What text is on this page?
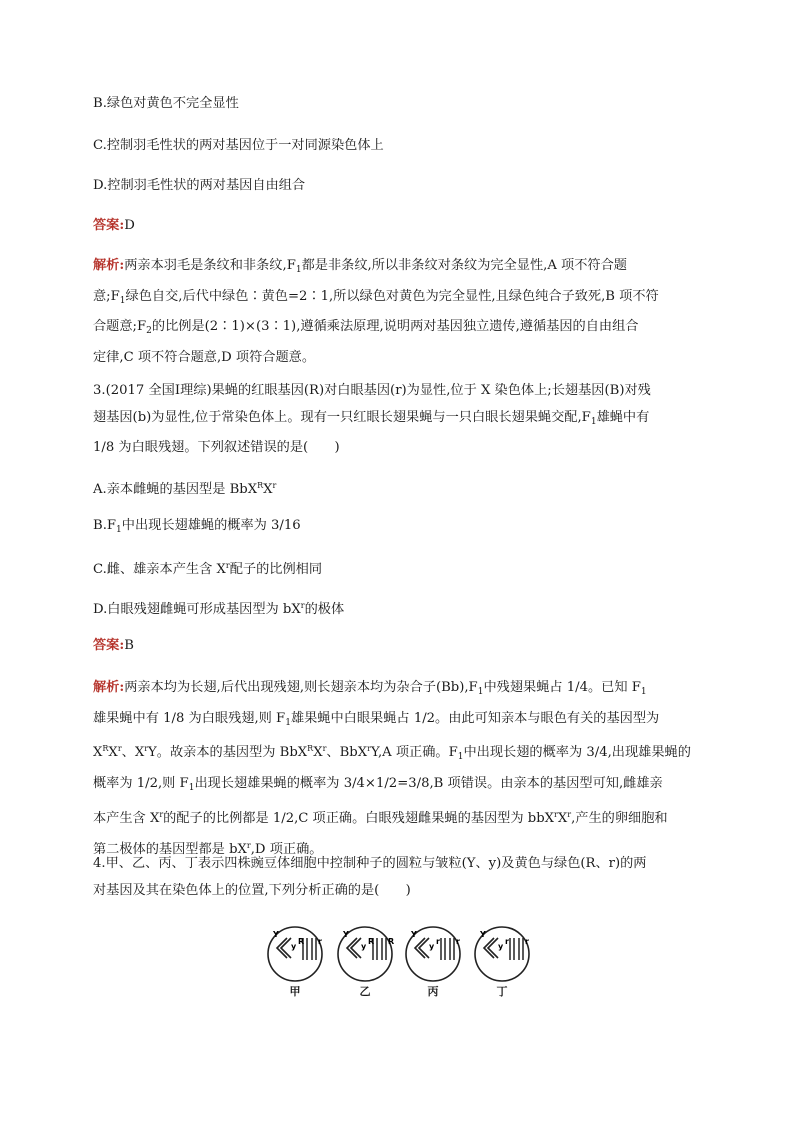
B.绿色对黄色不完全显性

C.控制羽毛性状的两对基因位于一对同源染色体上

D.控制羽毛性状的两对基因自由组合

答案:D

解析:两亲本羽毛是条纹和非条纹$,F_1$都是非条纹,所以非条纹对条纹为完全显性,A 项不符合题
意$;F_1$绿色自交,后代中绿色∶黄色=2∶1,所以绿色对黄色为完全显性,且绿色纯合子致死,B 项不符
合题意$;F_2$的比例是(2∶1)×(3∶1),遵循乘法原理,说明两对基因独立遗传,遵循基因的自由组合
定律,C 项不符合题意,D 项符合题意。
3.(2017 全国Ⅰ理综)果蝇的红眼基因(R)对白眼基因(r)为显性,位于 X 染色体上;长翅基因(B)对残
翅基因(b)为显性,位于常染色体上。现有一只红眼长翅果蝇与一只白眼长翅果蝇交配$,F_1$雄蝇中有
1/8 为白眼残翅。下列叙述错误的是(　　)

A.亲本雌蝇的基因型是 $BbX^RX^r$

$B.F_1$中出现长翅雄蝇的概率为 3/16

C.雌、雄亲本产生含 $X^r$配子的比例相同

D.白眼残翅雌蝇可形成基因型为 $bX^r$的极体

答案:B

解析:两亲本均为长翅,后代出现残翅,则长翅亲本均为杂合子$(Bb),F_1$中残翅果蝇占 1/4。已知 $F_1$
雄果蝇中有 1/8 为白眼残翅,则 $F_1$雄果蝇中白眼果蝇占 1/2。由此可知亲本与眼色有关的基因型为
$X^RX^r$、$X^rY$。故亲本的基因型为 $BbX^RX^r$、BbX$^r$Y,A 项正确。$F_1$中出现长翅的概率为 3/4,出现雄果蝇的
概率为 1/2,则 $F_1$出现长翅雄果蝇的概率为 3/4×1/2=3/8,B 项错误。由亲本的基因型可知,雌雄亲
本产生含 $X^r$的配子的比例都是 1/2,C 项正确。白眼残翅雌果蝇的基因型为 $bbX^rX^r$,产生的卵细胞和
第二极体的基因型都是 $bX^r,D$ 项正确。
4.甲、乙、丙、丁表示四株豌豆体细胞中控制种子的圆粒与皱粒(Y、y)及黄色与绿色(R、r)的两
对基因及其在染色体上的位置,下列分析正确的是(　　)
Y
y
R r
甲
Y
y
R R
乙
Y
y
r r
丙
Y
y
r r
丁
